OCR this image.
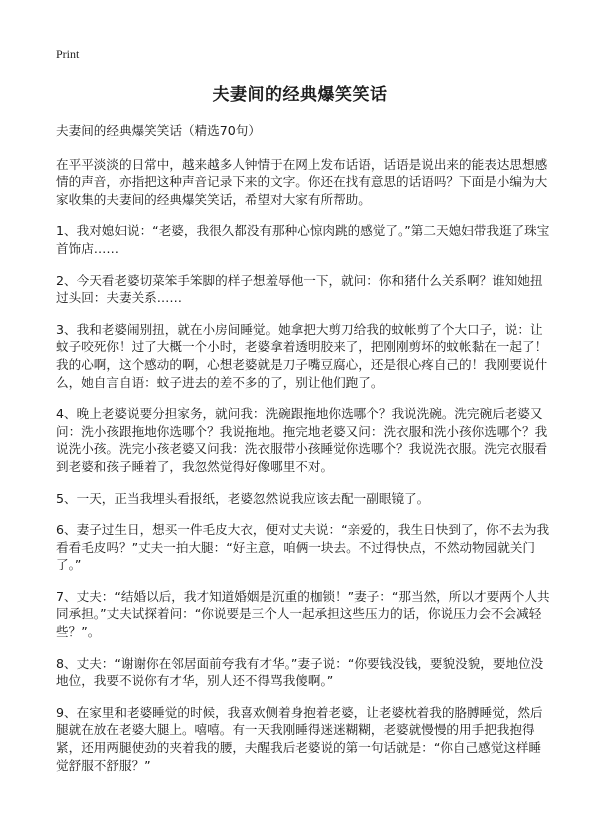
Print
夫妻间的经典爆笑笑话

夫妻间的经典爆笑笑话（精选70句）

在平平淡淡的日常中，越来越多人钟情于在网上发布话语，话语是说出来的能表达思想感情的声音，亦指把这种声音记录下来的文字。你还在找有意思的话语吗？下面是小编为大家收集的夫妻间的经典爆笑笑话，希望对大家有所帮助。

1、我对媳妇说：“老婆，我很久都没有那种心惊肉跳的感觉了。”第二天媳妇带我逛了珠宝首饰店……

2、今天看老婆切菜笨手笨脚的样子想羞辱他一下，就问：你和猪什么关系啊？谁知她扭过头回：夫妻关系……

3、我和老婆闹别扭，就在小房间睡觉。她拿把大剪刀给我的蚊帐剪了个大口子，说：让蚊子咬死你！过了大概一个小时，老婆拿着透明胶来了，把刚刚剪坏的蚊帐黏在一起了！我的心啊，这个感动的啊，心想老婆就是刀子嘴豆腐心，还是很心疼自己的！我刚要说什么，她自言自语：蚊子进去的差不多的了，别让他们跑了。

4、晚上老婆说要分担家务，就问我：洗碗跟拖地你选哪个？我说洗碗。洗完碗后老婆又问：洗小孩跟拖地你选哪个？我说拖地。拖完地老婆又问：洗衣服和洗小孩你选哪个？我说洗小孩。洗完小孩老婆又问我：洗衣服带小孩睡觉你选哪个？我说洗衣服。洗完衣服看到老婆和孩子睡着了，我忽然觉得好像哪里不对。

5、一天，正当我埋头看报纸，老婆忽然说我应该去配一副眼镜了。

6、妻子过生日，想买一件毛皮大衣，便对丈夫说：“亲爱的，我生日快到了，你不去为我看看毛皮吗？”丈夫一拍大腿：“好主意，咱俩一块去。不过得快点，不然动物园就关门了。”

7、丈夫：“结婚以后，我才知道婚姻是沉重的枷锁！”妻子：“那当然，所以才要两个人共同承担。”丈夫试探着问：“你说要是三个人一起承担这些压力的话，你说压力会不会减轻些？”。

8、丈夫：“谢谢你在邻居面前夸我有才华。”妻子说：“你要钱没钱，要貌没貌，要地位没地位，我要不说你有才华，别人还不得骂我傻啊。”

9、在家里和老婆睡觉的时候，我喜欢侧着身抱着老婆，让老婆枕着我的胳膊睡觉，然后腿就在放在老婆大腿上。嘻嘻。有一天我刚睡得迷迷糊糊，老婆就慢慢的用手把我抱得紧，还用两腿使劲的夹着我的腰，夫醒我后老婆说的第一句话就是：“你自己感觉这样睡觉舒服不舒服？”
